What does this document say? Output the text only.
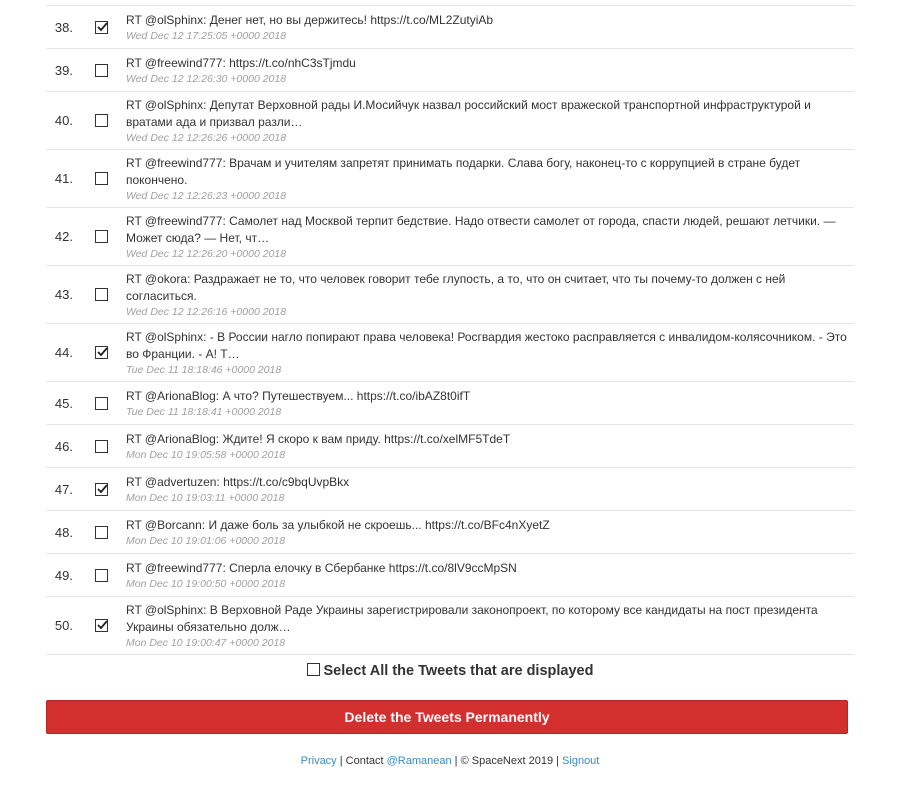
38.		RT @olSphinx: Денег нет, но вы держитесь! https://t.co/ML2ZutyiAb
Wed Dec 12 17:25:05 +0000 2018

39.		RT @freewind777: https://t.co/nhC3sTjmdu
Wed Dec 12 12:26:30 +0000 2018

40.		RT @olSphinx: Депутат Верховной рады И.Мосийчук назвал российский мост вражеской транспортной инфраструктурой и вратами ада и призвал разли…
Wed Dec 12 12:26:26 +0000 2018

41.		RT @freewind777: Врачам и учителям запретят принимать подарки. Слава богу, наконец-то с коррупцией в стране будет покончено.
Wed Dec 12 12:26:23 +0000 2018

42.		RT @freewind777: Самолет над Москвой терпит бедствие. Надо отвести самолет от города, спасти людей, решают летчики. — Может сюда? — Нет, чт…
Wed Dec 12 12:26:20 +0000 2018

43.		RT @okora: Раздражает не то, что человек говорит тебе глупость, а то, что он считает, что ты почему-то должен с ней согласиться.
Wed Dec 12 12:26:16 +0000 2018

44.		RT @olSphinx: - В России нагло попирают права человека! Росгвардия жестоко расправляется с инвалидом-колясочником. - Это во Франции. - А! Т…
Tue Dec 11 18:18:46 +0000 2018

45.		RT @ArionaBlog: А что? Путешествуем... https://t.co/ibAZ8t0ifT
Tue Dec 11 18:18:41 +0000 2018

46.		RT @ArionaBlog: Ждите! Я скоро к вам приду. https://t.co/xelMF5TdeT
Mon Dec 10 19:05:58 +0000 2018

47.		RT @advertuzen: https://t.co/c9bqUvpBkx
Mon Dec 10 19:03:11 +0000 2018

48.		RT @Borcann: И даже боль за улыбкой не скроешь... https://t.co/BFc4nXyetZ
Mon Dec 10 19:01:06 +0000 2018

49.		RT @freewind777: Сперла елочку в Сбербанке https://t.co/8lV9ccMpSN
Mon Dec 10 19:00:50 +0000 2018

50.		RT @olSphinx: В Верховной Раде Украины зарегистрировали законопроект, по которому все кандидаты на пост президента Украины обязательно долж…
Mon Dec 10 19:00:47 +0000 2018
Select All the Tweets that are displayed
Delete the Tweets Permanently
Privacy | Contact @Ramanean | © SpaceNext 2019 | Signout
